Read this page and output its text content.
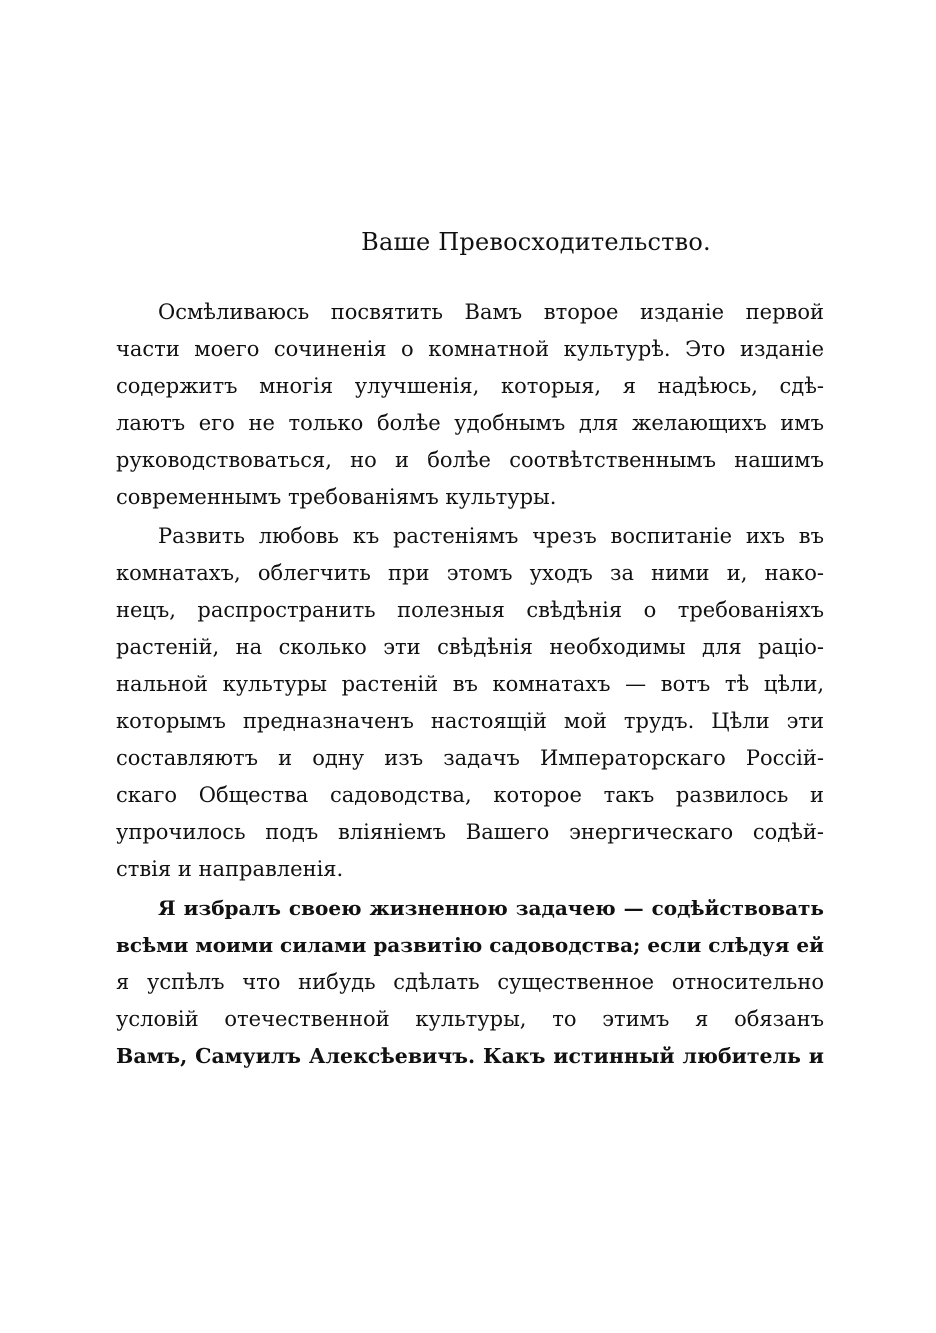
Ваше Превосходительство.
Осмѣливаюсь посвятить Вамъ второе изданіе первой
части моего сочиненія о комнатной культурѣ. Это изданіе
содержитъ многія улучшенія, которыя, я надѣюсь, сдѣ-
лаютъ его не только болѣе удобнымъ для желающихъ имъ
руководствоваться, но и болѣе соотвѣтственнымъ нашимъ
современнымъ требованіямъ культуры.
Развить любовь къ растеніямъ чрезъ воспитаніе ихъ въ
комнатахъ, облегчить при этомъ уходъ за ними и, нако-
нецъ, распространить полезныя свѣдѣнія о требованіяхъ
растеній, на сколько эти свѣдѣнія необходимы для раціо-
нальной культуры растеній въ комнатахъ — вотъ тѣ цѣли,
которымъ предназначенъ настоящій мой трудъ. Цѣли эти
составляютъ и одну изъ задачъ Императорскаго Россій-
скаго Общества садоводства, которое такъ развилось и
упрочилось подъ вліяніемъ Вашего энергическаго содѣй-
ствія и направленія.
Я избралъ своею жизненною задачею — содѣйствовать
всѣми моими силами развитію садоводства; если слѣдуя ей
я успѣлъ что нибудь сдѣлать существенное относительно
условій отечественной культуры, то этимъ я обязанъ
Вамъ, Самуилъ Алексѣевичъ. Какъ истинный любитель и
